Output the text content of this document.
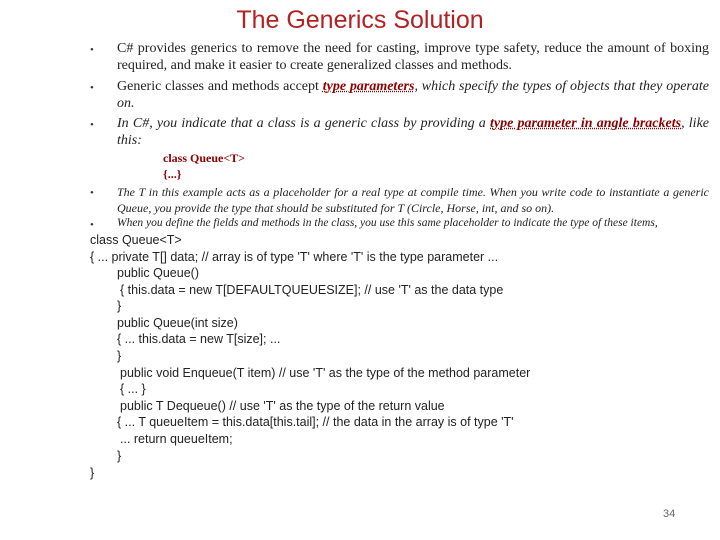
The Generics Solution
• C# provides generics to remove the need for casting, improve type safety, reduce the amount of boxing required, and make it easier to create generalized classes and methods.
• Generic classes and methods accept type parameters, which specify the types of objects that they operate on.
• In C#, you indicate that a class is a generic class by providing a type parameter in angle brackets, like this:
class Queue<T>
{...}
• The T in this example acts as a placeholder for a real type at compile time. When you write code to instantiate a generic Queue, you provide the type that should be substituted for T (Circle, Horse, int, and so on).
• When you define the fields and methods in the class, you use this same placeholder to indicate the type of these items,
class Queue<T>
{ ... private T[] data; // array is of type 'T' where 'T' is the type parameter ...
public Queue()
{ this.data = new T[DEFAULTQUEUESIZE]; // use 'T' as the data type
}
public Queue(int size)
{ ... this.data = new T[size]; ...
}
public void Enqueue(T item) // use 'T' as the type of the method parameter
{ ... }
public T Dequeue() // use 'T' as the type of the return value
{ ... T queueItem = this.data[this.tail]; // the data in the array is of type 'T'
... return queueItem;
}
}
34
